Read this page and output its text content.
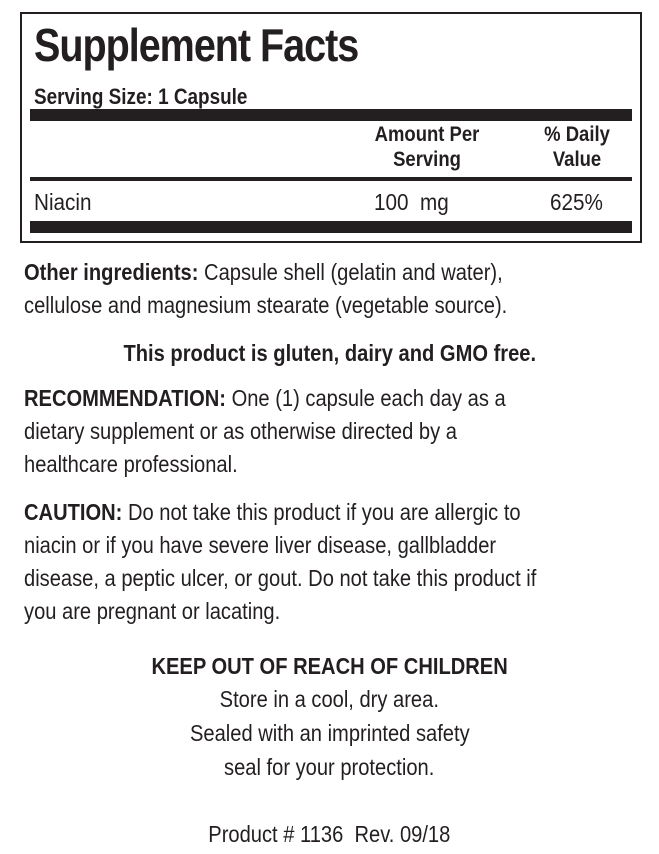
Supplement Facts
Serving Size: 1 Capsule
Amount Per
Serving
% Daily
Value
Niacin	100  mg	625%
Other ingredients: Capsule shell (gelatin and water),
cellulose and magnesium stearate (vegetable source).
This product is gluten, dairy and GMO free.
RECOMMENDATION: One (1) capsule each day as a
dietary supplement or as otherwise directed by a
healthcare professional.
CAUTION: Do not take this product if you are allergic to
niacin or if you have severe liver disease, gallbladder
disease, a peptic ulcer, or gout. Do not take this product if
you are pregnant or lacating.
KEEP OUT OF REACH OF CHILDREN
Store in a cool, dry area.
Sealed with an imprinted safety
seal for your protection.
Product # 1136  Rev. 09/18
